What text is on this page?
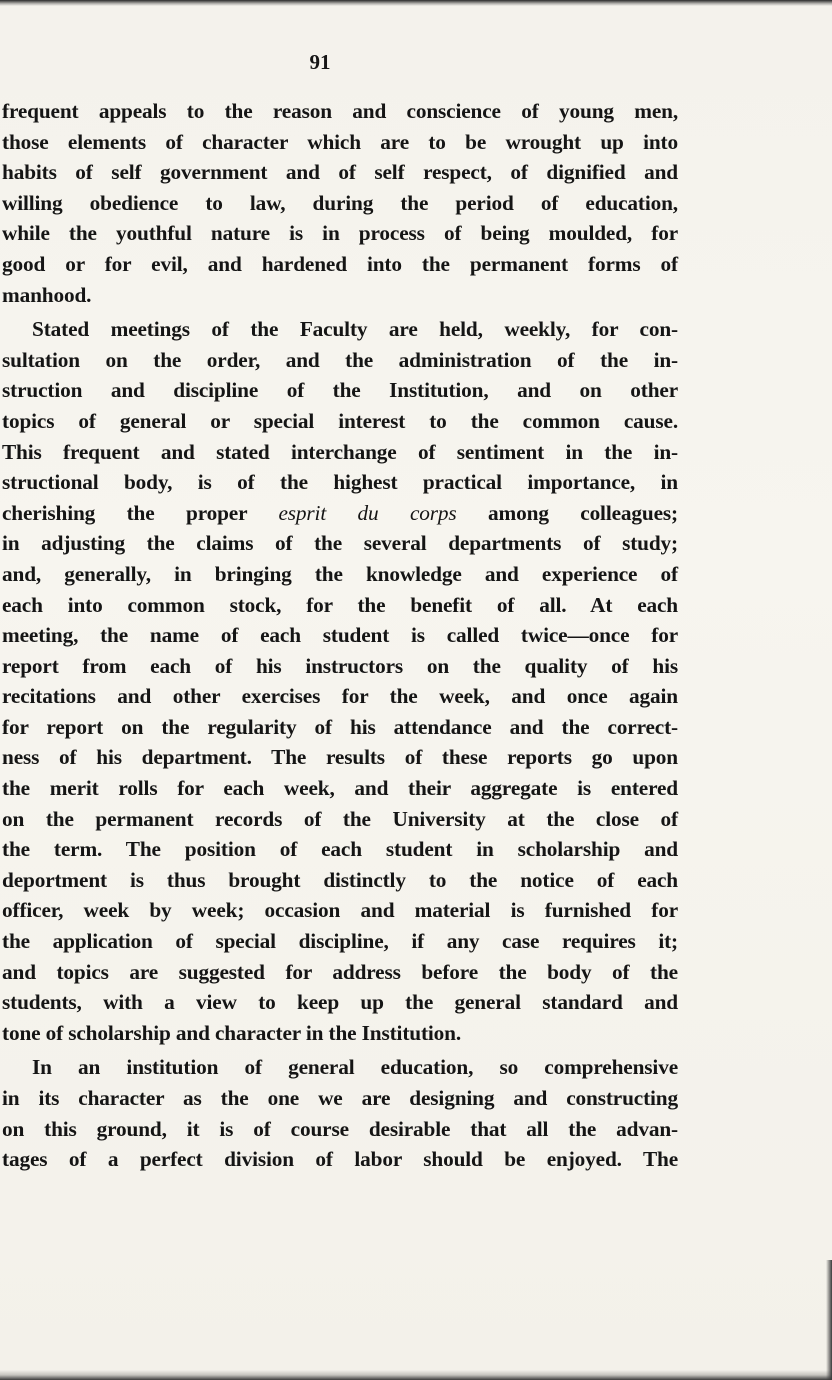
91

frequent appeals to the reason and conscience of young men,

those elements of character which are to be wrought up into

habits of self government and of self respect, of dignified and

willing obedience to law, during the period of education,

while the youthful nature is in process of being moulded, for

good or for evil, and hardened into the permanent forms of

manhood.

Stated meetings of the Faculty are held, weekly, for con-

sultation on the order, and the administration of the in-

struction and discipline of the Institution, and on other

topics of general or special interest to the common cause.

This frequent and stated interchange of sentiment in the in-

structional body, is of the highest practical importance, in

cherishing the proper esprit du corps among colleagues;

in adjusting the claims of the several departments of study;

and, generally, in bringing the knowledge and experience of

each into common stock, for the benefit of all. At each

meeting, the name of each student is called twice—once for

report from each of his instructors on the quality of his

recitations and other exercises for the week, and once again

for report on the regularity of his attendance and the correct-

ness of his department. The results of these reports go upon

the merit rolls for each week, and their aggregate is entered

on the permanent records of the University at the close of

the term. The position of each student in scholarship and

deportment is thus brought distinctly to the notice of each

officer, week by week; occasion and material is furnished for

the application of special discipline, if any case requires it;

and topics are suggested for address before the body of the

students, with a view to keep up the general standard and

tone of scholarship and character in the Institution.

In an institution of general education, so comprehensive

in its character as the one we are designing and constructing

on this ground, it is of course desirable that all the advan-

tages of a perfect division of labor should be enjoyed. The
